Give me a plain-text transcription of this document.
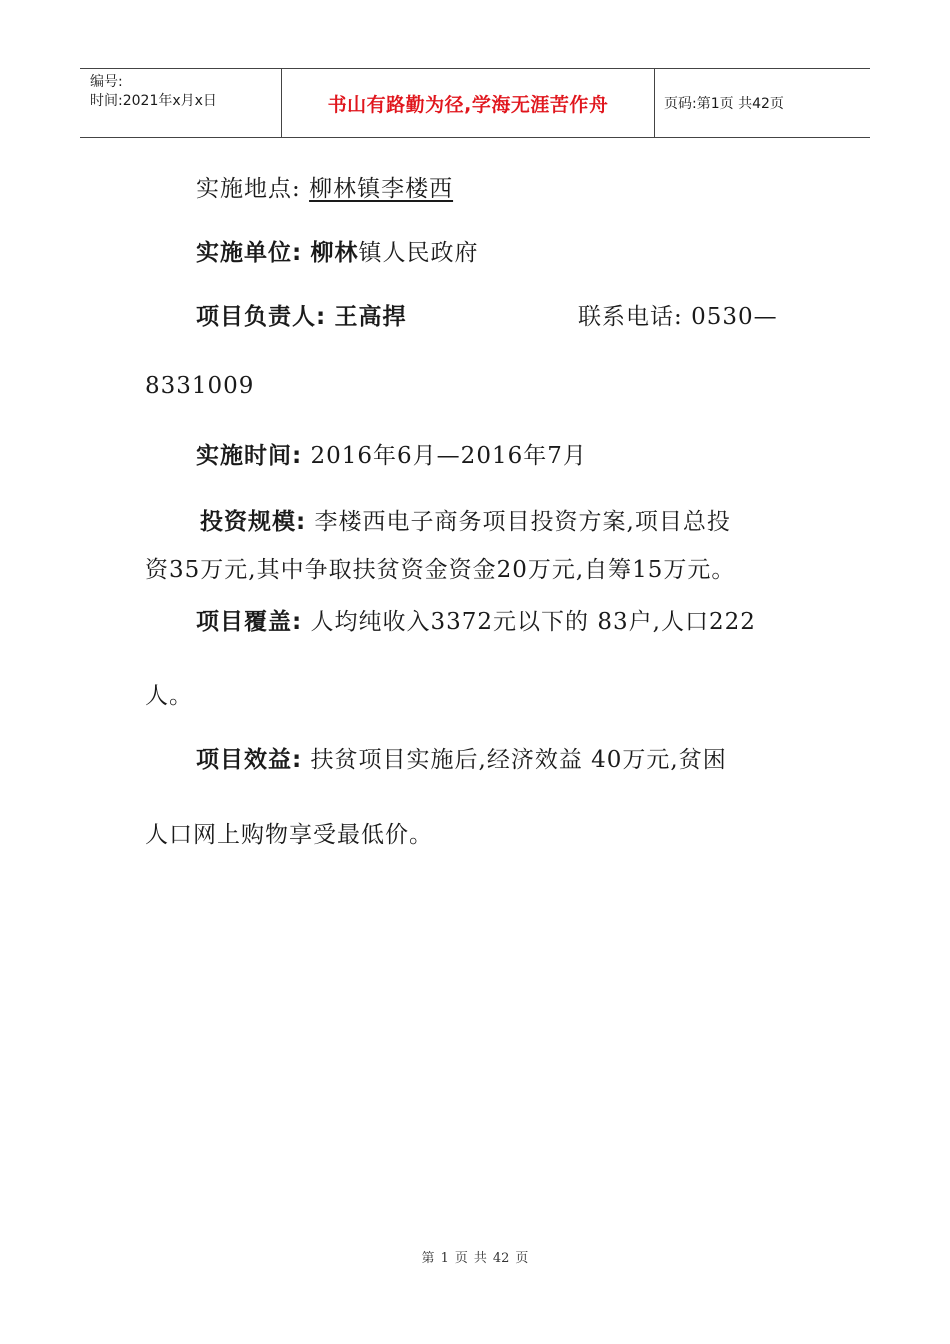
编号:
时间:2021年x月x日	书山有路勤为径,学海无涯苦作舟	页码:第1页 共42页
实施地点: 柳林镇李楼西
实施单位: 柳林镇人民政府
项目负责人: 王高捍	联系电话: 0530—
8331009
实施时间: 2016年6月—2016年7月
投资规模: 李楼西电子商务项目投资方案,项目总投
资35万元,其中争取扶贫资金资金20万元,自筹15万元。
项目覆盖: 人均纯收入3372元以下的 83户,人口222
人。
项目效益: 扶贫项目实施后,经济效益 40万元,贫困
人口网上购物享受最低价。
第 1 页 共 42 页
